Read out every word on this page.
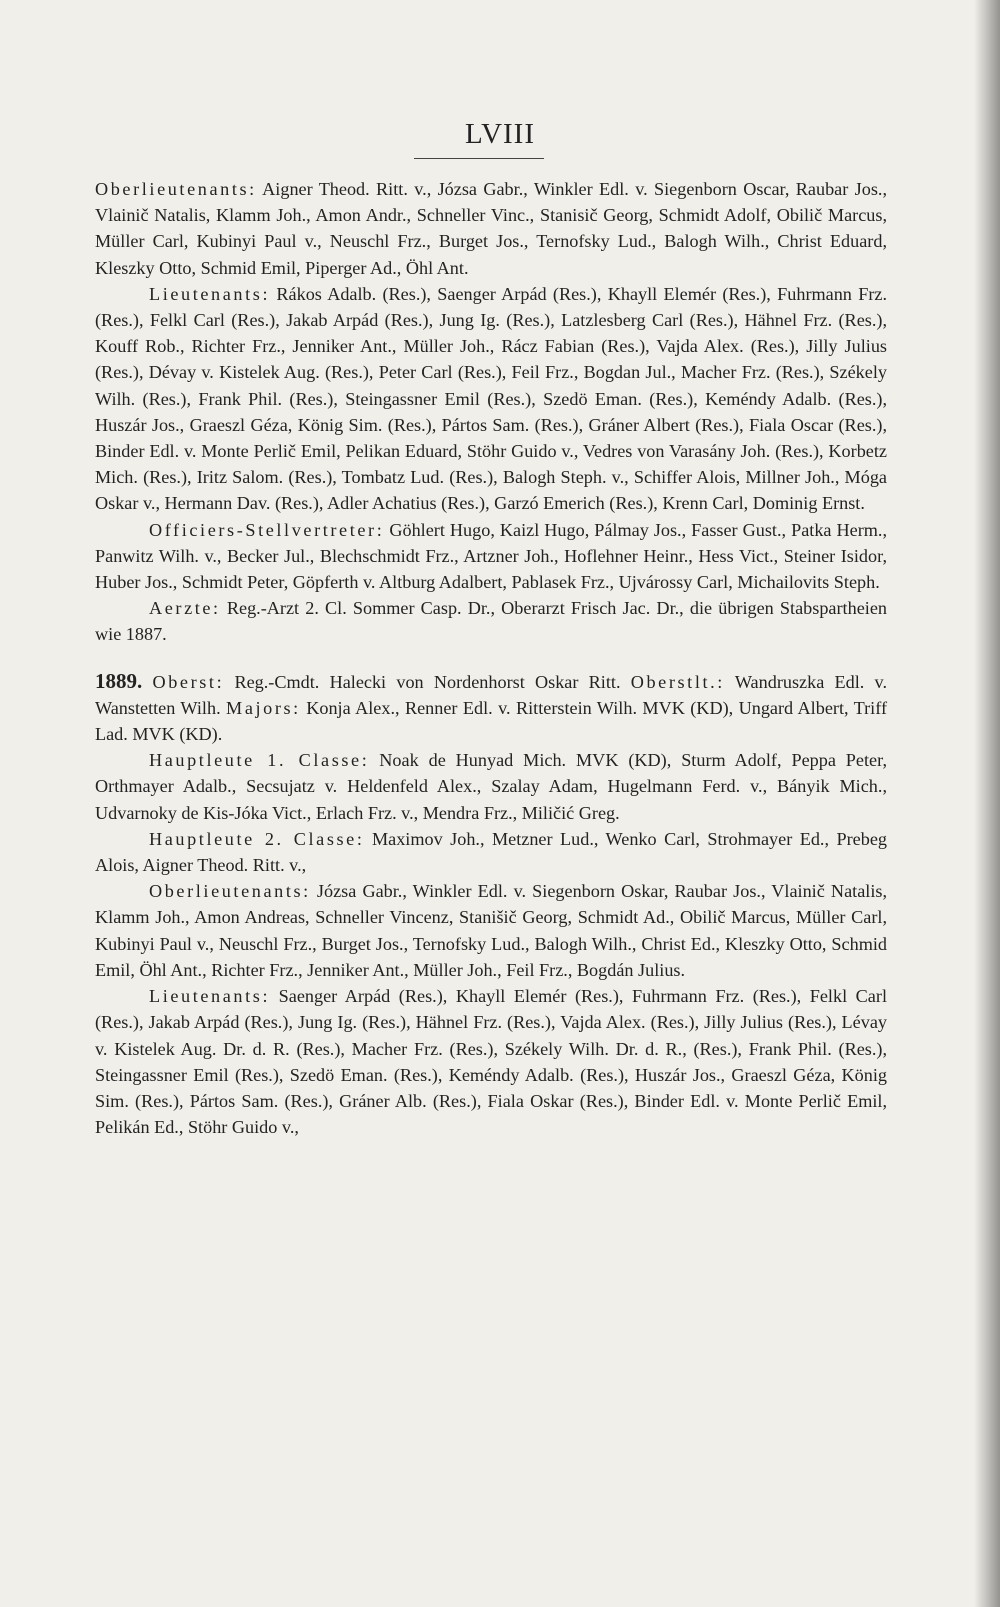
LVIII

Oberlieutenants: Aigner Theod. Ritt. v., Józsa Gabr., Winkler Edl. v. Siegenborn Oscar, Raubar Jos., Vlainič Natalis, Klamm Joh., Amon Andr., Schneller Vinc., Stanisič Georg, Schmidt Adolf, Obilič Marcus, Müller Carl, Kubinyi Paul v., Neuschl Frz., Burget Jos., Ternofsky Lud., Balogh Wilh., Christ Eduard, Kleszky Otto, Schmid Emil, Piperger Ad., Öhl Ant.

Lieutenants: Rákos Adalb. (Res.), Saenger Arpád (Res.), Khayll Elemér (Res.), Fuhrmann Frz. (Res.), Felkl Carl (Res.), Jakab Arpád (Res.), Jung Ig. (Res.), Latzlesberg Carl (Res.), Hähnel Frz. (Res.), Kouff Rob., Richter Frz., Jenniker Ant., Müller Joh., Rácz Fabian (Res.), Vajda Alex. (Res.), Jilly Julius (Res.), Dévay v. Kistelek Aug. (Res.), Peter Carl (Res.), Feil Frz., Bogdan Jul., Macher Frz. (Res.), Székely Wilh. (Res.), Frank Phil. (Res.), Steingassner Emil (Res.), Szedö Eman. (Res.), Keméndy Adalb. (Res.), Huszár Jos., Graeszl Géza, König Sim. (Res.), Pártos Sam. (Res.), Gráner Albert (Res.), Fiala Oscar (Res.), Binder Edl. v. Monte Perlič Emil, Pelikan Eduard, Stöhr Guido v., Vedres von Varasány Joh. (Res.), Korbetz Mich. (Res.), Iritz Salom. (Res.), Tombatz Lud. (Res.), Balogh Steph. v., Schiffer Alois, Millner Joh., Móga Oskar v., Hermann Dav. (Res.), Adler Achatius (Res.), Garzó Emerich (Res.), Krenn Carl, Dominig Ernst.

Officiers-Stellvertreter: Göhlert Hugo, Kaizl Hugo, Pálmay Jos., Fasser Gust., Patka Herm., Panwitz Wilh. v., Becker Jul., Blechschmidt Frz., Artzner Joh., Hoflehner Heinr., Hess Vict., Steiner Isidor, Huber Jos., Schmidt Peter, Göpferth v. Altburg Adalbert, Pablasek Frz., Ujvárossy Carl, Michailovits Steph.

Aerzte: Reg.-Arzt 2. Cl. Sommer Casp. Dr., Oberarzt Frisch Jac. Dr., die übrigen Stabspartheien wie 1887.

1889. Oberst: Reg.-Cmdt. Halecki von Nordenhorst Oskar Ritt. Oberstlt.: Wandruszka Edl. v. Wanstetten Wilh. Majors: Konja Alex., Renner Edl. v. Ritterstein Wilh. MVK (KD), Ungard Albert, Triff Lad. MVK (KD).

Hauptleute 1. Classe: Noak de Hunyad Mich. MVK (KD), Sturm Adolf, Peppa Peter, Orthmayer Adalb., Secsujatz v. Heldenfeld Alex., Szalay Adam, Hugelmann Ferd. v., Bányik Mich., Udvarnoky de Kis-Jóka Vict., Erlach Frz. v., Mendra Frz., Miličić Greg.

Hauptleute 2. Classe: Maximov Joh., Metzner Lud., Wenko Carl, Strohmayer Ed., Prebeg Alois, Aigner Theod. Ritt. v.,

Oberlieutenants: Józsa Gabr., Winkler Edl. v. Siegenborn Oskar, Raubar Jos., Vlainič Natalis, Klamm Joh., Amon Andreas, Schneller Vincenz, Stanišič Georg, Schmidt Ad., Obilič Marcus, Müller Carl, Kubinyi Paul v., Neuschl Frz., Burget Jos., Ternofsky Lud., Balogh Wilh., Christ Ed., Kleszky Otto, Schmid Emil, Öhl Ant., Richter Frz., Jenniker Ant., Müller Joh., Feil Frz., Bogdán Julius.

Lieutenants: Saenger Arpád (Res.), Khayll Elemér (Res.), Fuhrmann Frz. (Res.), Felkl Carl (Res.), Jakab Arpád (Res.), Jung Ig. (Res.), Hähnel Frz. (Res.), Vajda Alex. (Res.), Jilly Julius (Res.), Lévay v. Kistelek Aug. Dr. d. R. (Res.), Macher Frz. (Res.), Székely Wilh. Dr. d. R., (Res.), Frank Phil. (Res.), Steingassner Emil (Res.), Szedö Eman. (Res.), Keméndy Adalb. (Res.), Huszár Jos., Graeszl Géza, König Sim. (Res.), Pártos Sam. (Res.), Gráner Alb. (Res.), Fiala Oskar (Res.), Binder Edl. v. Monte Perlič Emil, Pelikán Ed., Stöhr Guido v.,
